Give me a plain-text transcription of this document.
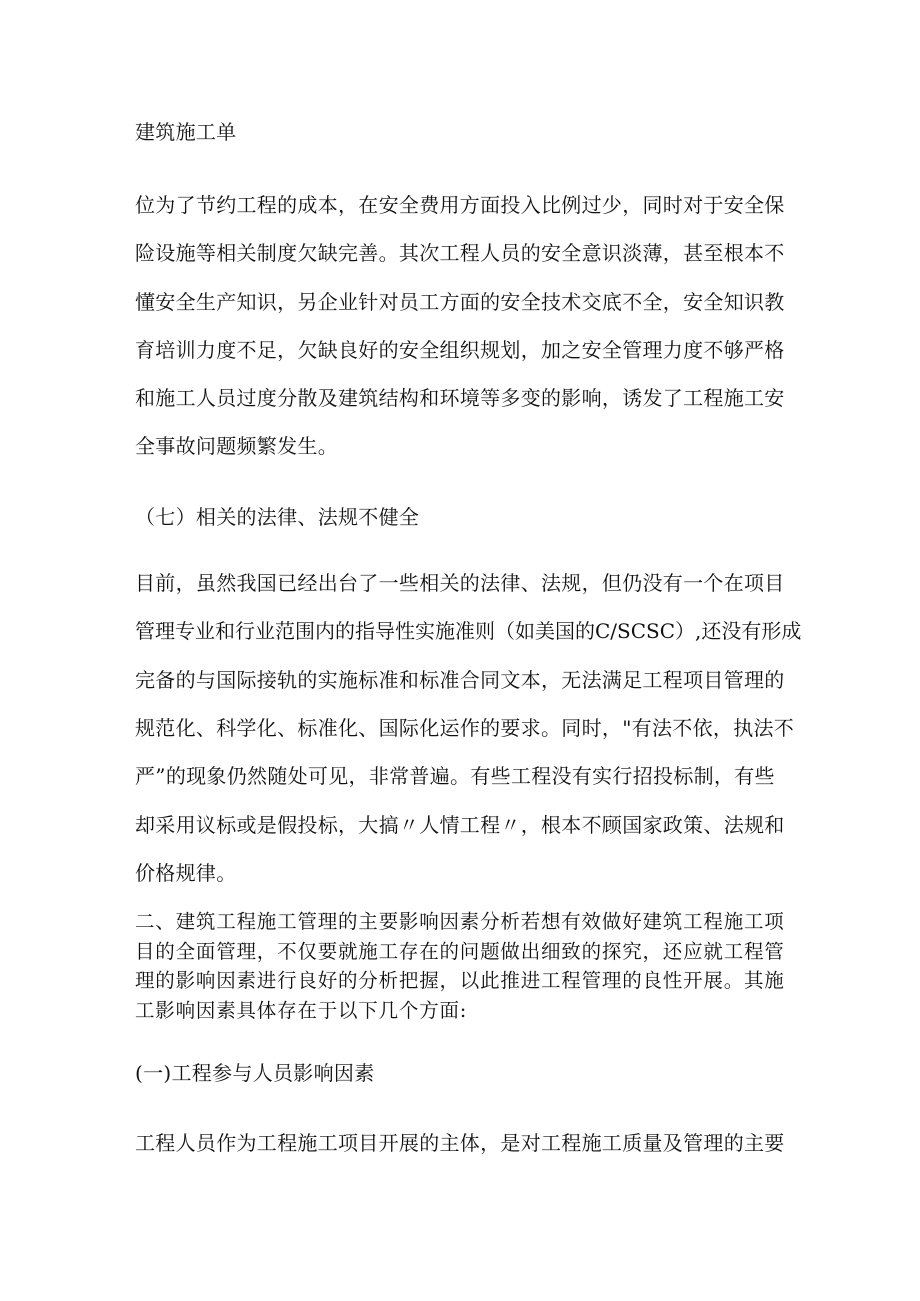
建筑施工单
位为了节约工程的成本，在安全费用方面投入比例过少，同时对于安全保
险设施等相关制度欠缺完善。其次工程人员的安全意识淡薄，甚至根本不
懂安全生产知识，另企业针对员工方面的安全技术交底不全，安全知识教
育培训力度不足，欠缺良好的安全组织规划，加之安全管理力度不够严格
和施工人员过度分散及建筑结构和环境等多变的影响，诱发了工程施工安
全事故问题频繁发生。
（七）相关的法律、法规不健全
目前，虽然我国已经出台了一些相关的法律、法规，但仍没有一个在项目
管理专业和行业范围内的指导性实施准则（如美国的C/SCSC）,还没有形成
完备的与国际接轨的实施标准和标准合同文本，无法满足工程项目管理的
规范化、科学化、标准化、国际化运作的要求。同时，"有法不依，执法不
严”的现象仍然随处可见，非常普遍。有些工程没有实行招投标制，有些
却采用议标或是假投标，大搞〃人情工程〃，根本不顾国家政策、法规和
价格规律。
二、建筑工程施工管理的主要影响因素分析若想有效做好建筑工程施工项
目的全面管理，不仅要就施工存在的问题做出细致的探究，还应就工程管
理的影响因素进行良好的分析把握，以此推进工程管理的良性开展。其施
工影响因素具体存在于以下几个方面:
(一)工程参与人员影响因素
工程人员作为工程施工项目开展的主体，是对工程施工质量及管理的主要
